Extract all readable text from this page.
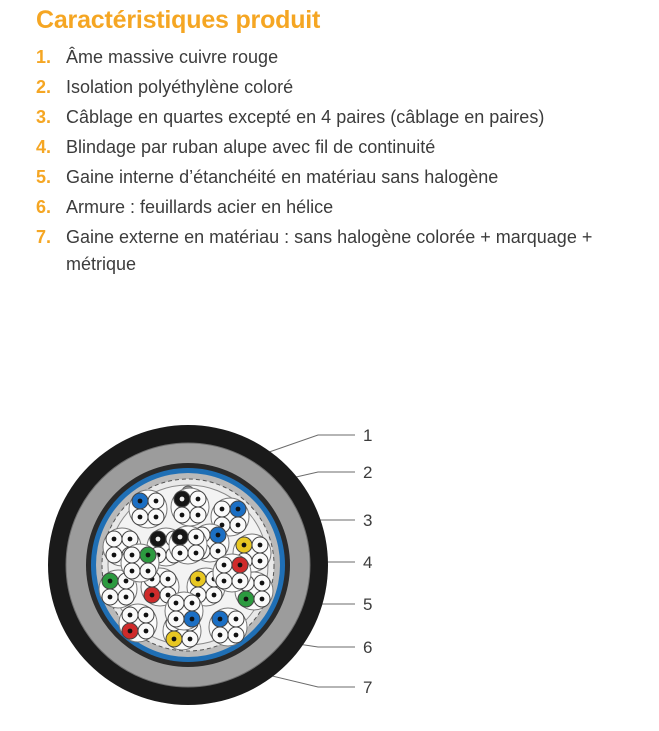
Caractéristiques produit
1. Âme massive cuivre rouge
2. Isolation polyéthylène coloré
3. Câblage en quartes excepté en 4 paires (câblage en paires)
4. Blindage par ruban alupe avec fil de continuité
5. Gaine interne d’étanchéité en matériau sans halogène
6. Armure : feuillards acier en hélice
7. Gaine externe en matériau : sans halogène colorée + marquage + métrique
1
2
3
4
5
6
7
